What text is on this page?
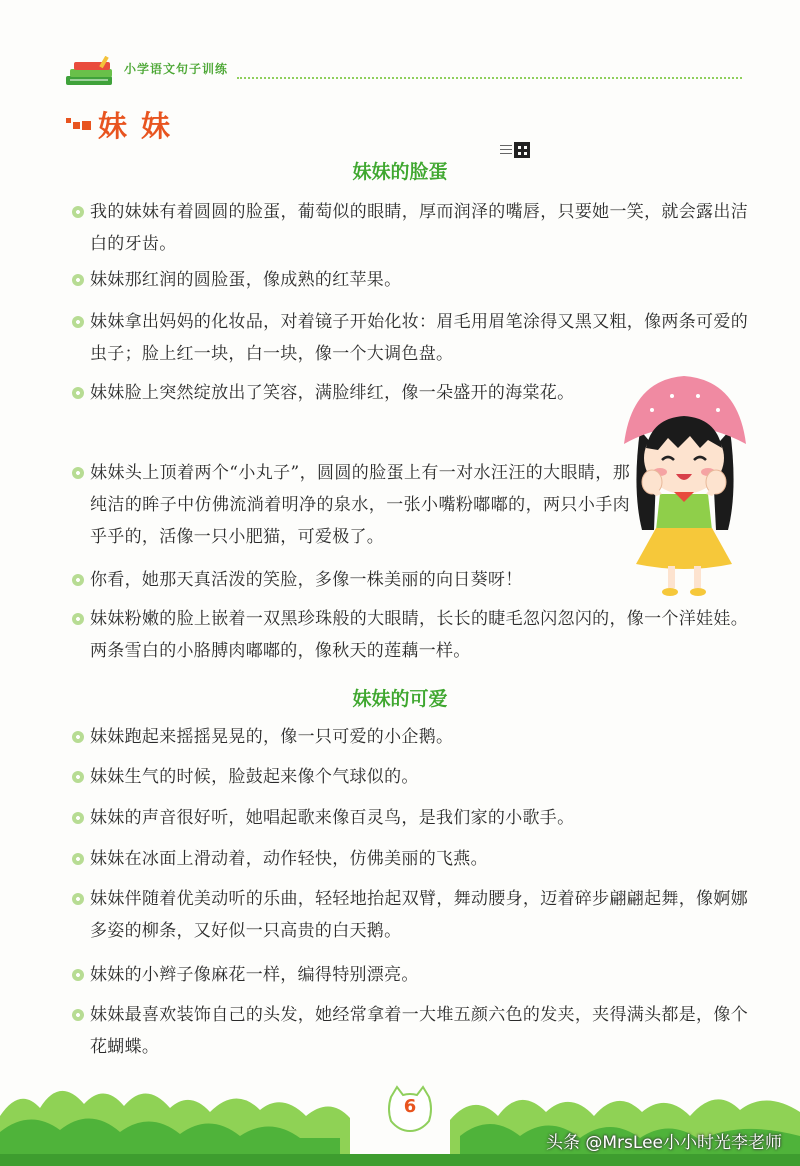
小学语文句子训练
妹妹
妹妹的脸蛋
我的妹妹有着圆圆的脸蛋，葡萄似的眼睛，厚而润泽的嘴唇，只要她一笑，就会露出洁白的牙齿。
妹妹那红润的圆脸蛋，像成熟的红苹果。
妹妹拿出妈妈的化妆品，对着镜子开始化妆：眉毛用眉笔涂得又黑又粗，像两条可爱的虫子；脸上红一块，白一块，像一个大调色盘。
妹妹脸上突然绽放出了笑容，满脸绯红，像一朵盛开的海棠花。
妹妹头上顶着两个“小丸子”，圆圆的脸蛋上有一对水汪汪的大眼睛，那纯洁的眸子中仿佛流淌着明净的泉水，一张小嘴粉嘟嘟的，两只小手肉乎乎的，活像一只小肥猫，可爱极了。
你看，她那天真活泼的笑脸，多像一株美丽的向日葵呀！
妹妹粉嫩的脸上嵌着一双黑珍珠般的大眼睛，长长的睫毛忽闪忽闪的，像一个洋娃娃。两条雪白的小胳膊肉嘟嘟的，像秋天的莲藕一样。
妹妹的可爱
妹妹跑起来摇摇晃晃的，像一只可爱的小企鹅。
妹妹生气的时候，脸鼓起来像个气球似的。
妹妹的声音很好听，她唱起歌来像百灵鸟，是我们家的小歌手。
妹妹在冰面上滑动着，动作轻快，仿佛美丽的飞燕。
妹妹伴随着优美动听的乐曲，轻轻地抬起双臂，舞动腰身，迈着碎步翩翩起舞，像婀娜多姿的柳条，又好似一只高贵的白天鹅。
妹妹的小辫子像麻花一样，编得特别漂亮。
妹妹最喜欢装饰自己的头发，她经常拿着一大堆五颜六色的发夹，夹得满头都是，像个花蝴蝶。
6
头条 @MrsLee小小时光李老师
